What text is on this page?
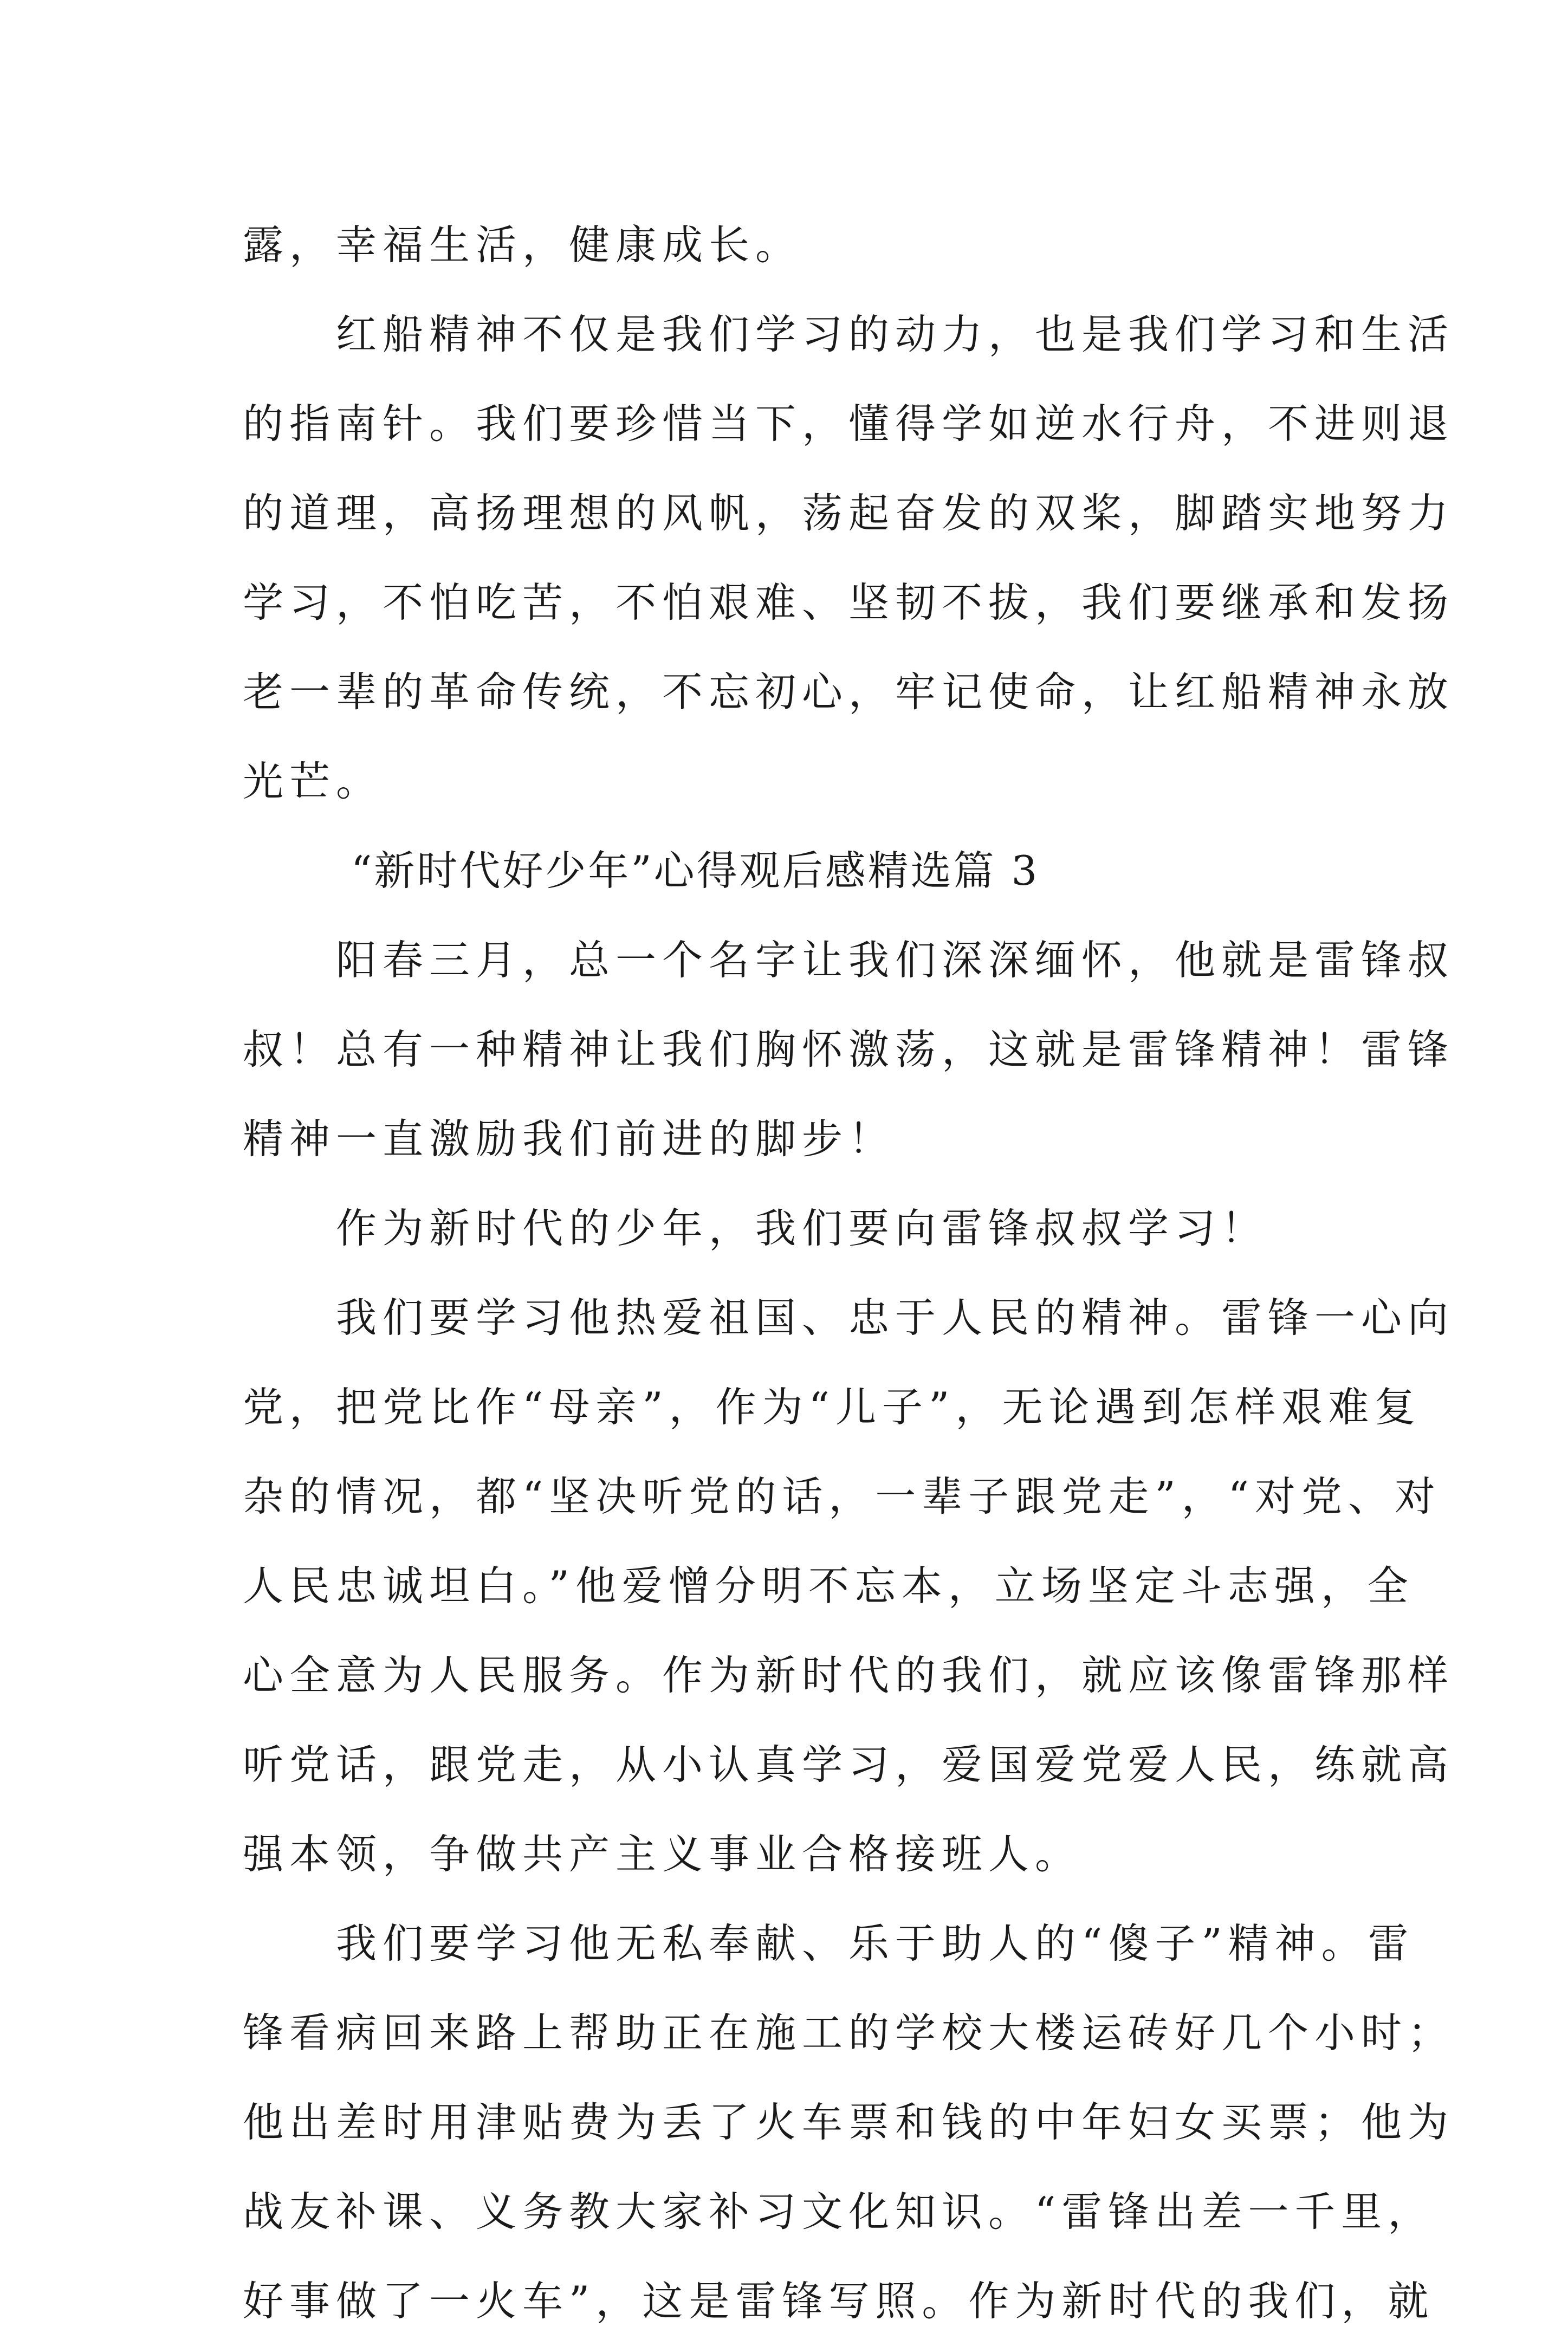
露，幸福生活，健康成长。

红船精神不仅是我们学习的动力，也是我们学习和生活
的指南针。我们要珍惜当下，懂得学如逆水行舟，不进则退
的道理，高扬理想的风帆，荡起奋发的双桨，脚踏实地努力
学习，不怕吃苦，不怕艰难、坚韧不拔，我们要继承和发扬
老一辈的革命传统，不忘初心，牢记使命，让红船精神永放
光芒。

“新时代好少年”心得观后感精选篇 3

阳春三月，总一个名字让我们深深缅怀，他就是雷锋叔
叔！总有一种精神让我们胸怀激荡，这就是雷锋精神！雷锋
精神一直激励我们前进的脚步！

作为新时代的少年，我们要向雷锋叔叔学习！

我们要学习他热爱祖国、忠于人民的精神。雷锋一心向
党，把党比作“母亲”，作为“儿子”，无论遇到怎样艰难复
杂的情况，都“坚决听党的话，一辈子跟党走”，“对党、对
人民忠诚坦白。”他爱憎分明不忘本，立场坚定斗志强，全
心全意为人民服务。作为新时代的我们，就应该像雷锋那样
听党话，跟党走，从小认真学习，爱国爱党爱人民，练就高
强本领，争做共产主义事业合格接班人。

我们要学习他无私奉献、乐于助人的“傻子”精神。雷
锋看病回来路上帮助正在施工的学校大楼运砖好几个小时；
他出差时用津贴费为丢了火车票和钱的中年妇女买票；他为
战友补课、义务教大家补习文化知识。“雷锋出差一千里，
好事做了一火车”，这是雷锋写照。作为新时代的我们，就
